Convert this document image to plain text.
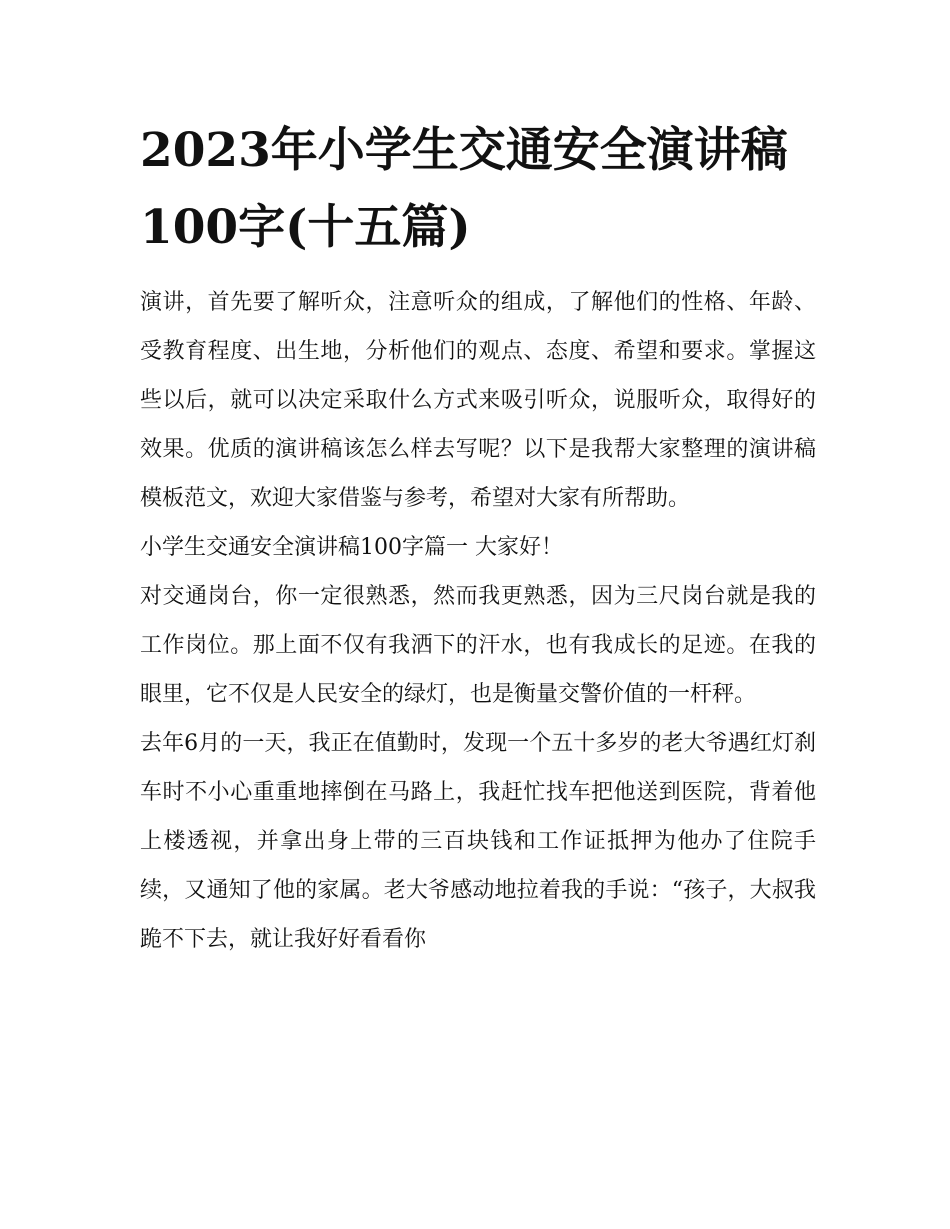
2023年小学生交通安全演讲稿100字(十五篇)

演讲，首先要了解听众，注意听众的组成，了解他们的性格、年龄、受教育程度、出生地，分析他们的观点、态度、希望和要求。掌握这些以后，就可以决定采取什么方式来吸引听众，说服听众，取得好的效果。优质的演讲稿该怎么样去写呢？以下是我帮大家整理的演讲稿模板范文，欢迎大家借鉴与参考，希望对大家有所帮助。

小学生交通安全演讲稿100字篇一 大家好！

对交通岗台，你一定很熟悉，然而我更熟悉，因为三尺岗台就是我的工作岗位。那上面不仅有我洒下的汗水，也有我成长的足迹。在我的眼里，它不仅是人民安全的绿灯，也是衡量交警价值的一杆秤。

去年6月的一天，我正在值勤时，发现一个五十多岁的老大爷遇红灯刹车时不小心重重地摔倒在马路上，我赶忙找车把他送到医院，背着他上楼透视，并拿出身上带的三百块钱和工作证抵押为他办了住院手续，又通知了他的家属。老大爷感动地拉着我的手说：“孩子，大叔我跪不下去，就让我好好看看你
